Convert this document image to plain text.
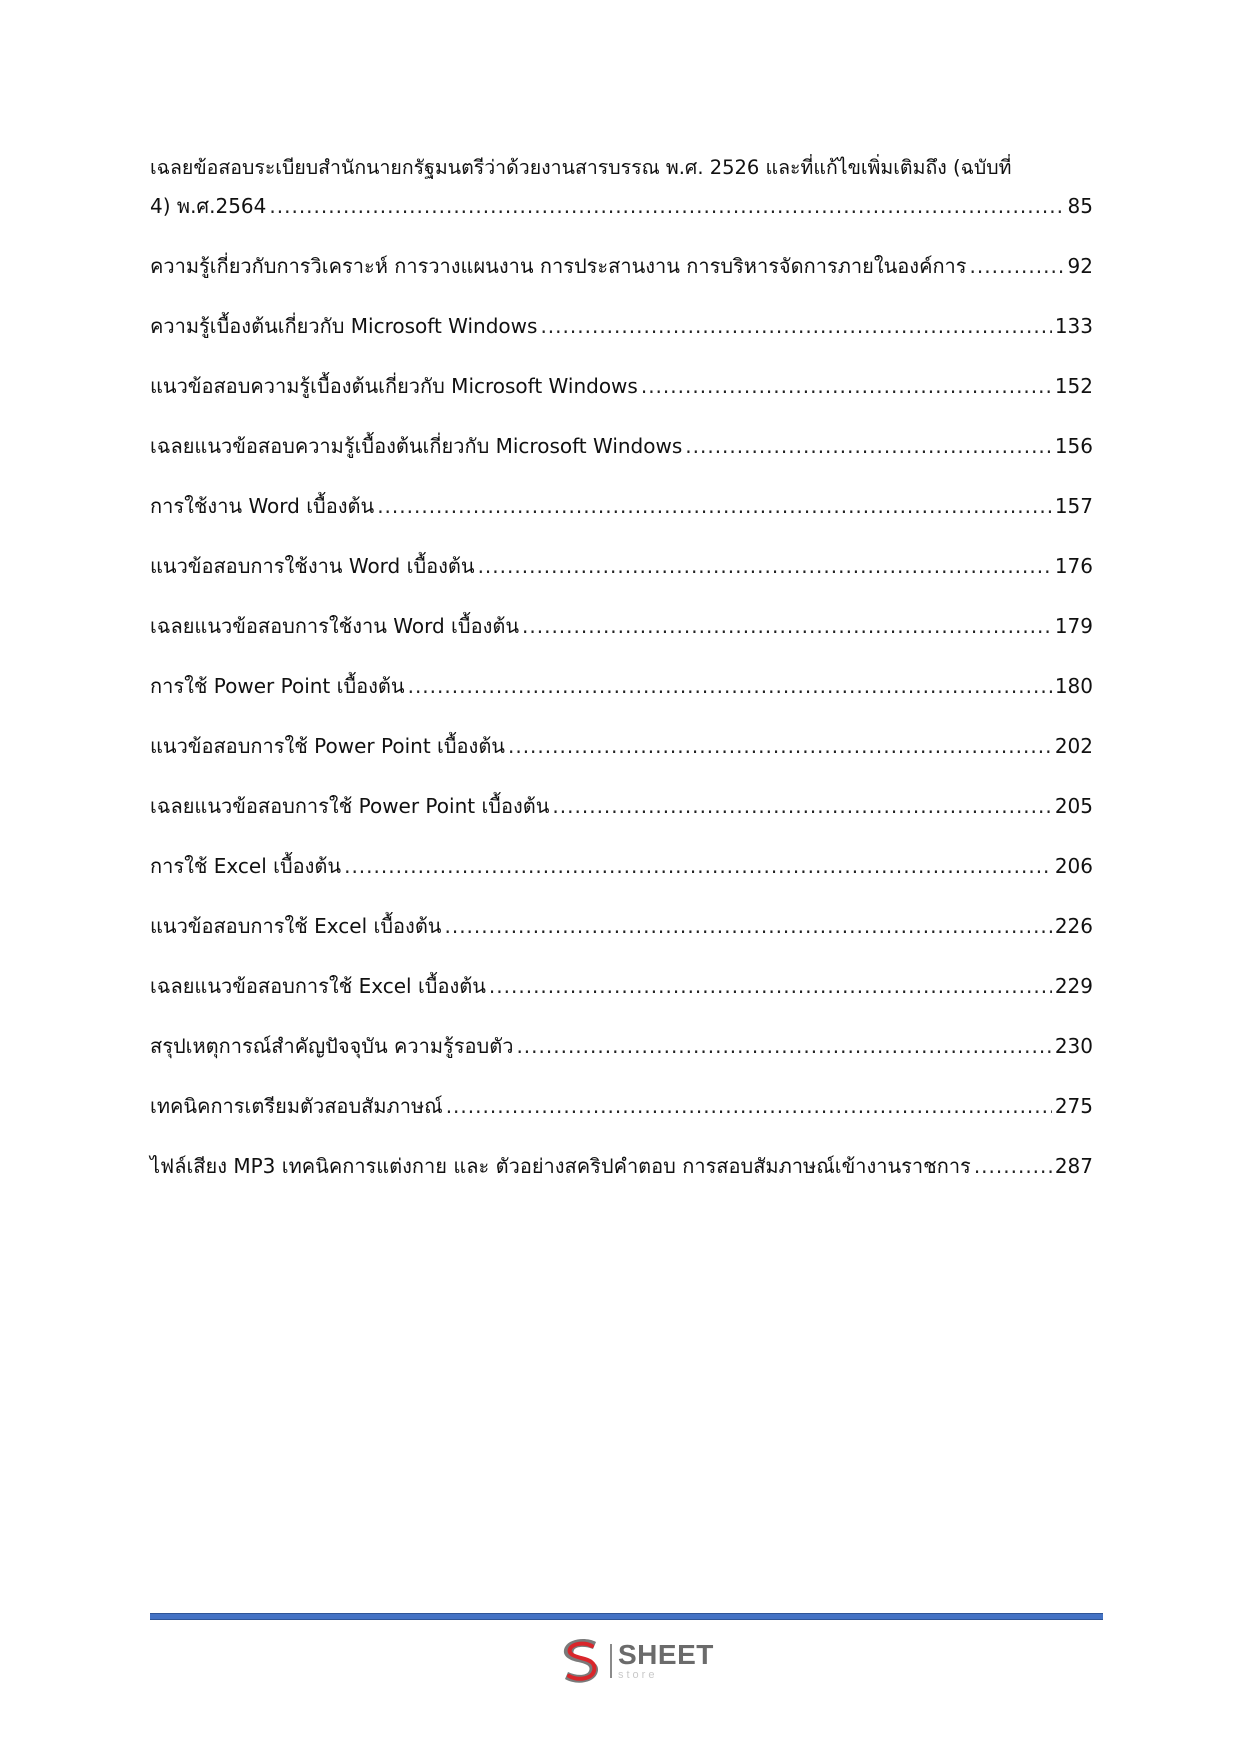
เฉลยข้อสอบระเบียบสำนักนายกรัฐมนตรีว่าด้วยงานสารบรรณ พ.ศ. 2526 และที่แก้ไขเพิ่มเติมถึง (ฉบับที่
4) พ.ศ.2564 .....	85
ความรู้เกี่ยวกับการวิเคราะห์ การวางแผนงาน การประสานงาน การบริหารจัดการภายในองค์การ .....	92
ความรู้เบื้องต้นเกี่ยวกับ Microsoft Windows .....	133
แนวข้อสอบความรู้เบื้องต้นเกี่ยวกับ Microsoft Windows .....	152
เฉลยแนวข้อสอบความรู้เบื้องต้นเกี่ยวกับ Microsoft Windows .....	156
การใช้งาน Word เบื้องต้น .....	157
แนวข้อสอบการใช้งาน Word เบื้องต้น .....	176
เฉลยแนวข้อสอบการใช้งาน Word เบื้องต้น .....	179
การใช้ Power Point เบื้องต้น .....	180
แนวข้อสอบการใช้ Power Point เบื้องต้น .....	202
เฉลยแนวข้อสอบการใช้ Power Point เบื้องต้น .....	205
การใช้ Excel เบื้องต้น .....	206
แนวข้อสอบการใช้ Excel เบื้องต้น .....	226
เฉลยแนวข้อสอบการใช้ Excel เบื้องต้น .....	229
สรุปเหตุการณ์สำคัญปัจจุบัน ความรู้รอบตัว .....	230
เทคนิคการเตรียมตัวสอบสัมภาษณ์ .....	275
ไฟล์เสียง MP3 เทคนิคการแต่งกาย และ ตัวอย่างสคริปคำตอบ การสอบสัมภาษณ์เข้างานราชการ .....	287
SHEET
store
